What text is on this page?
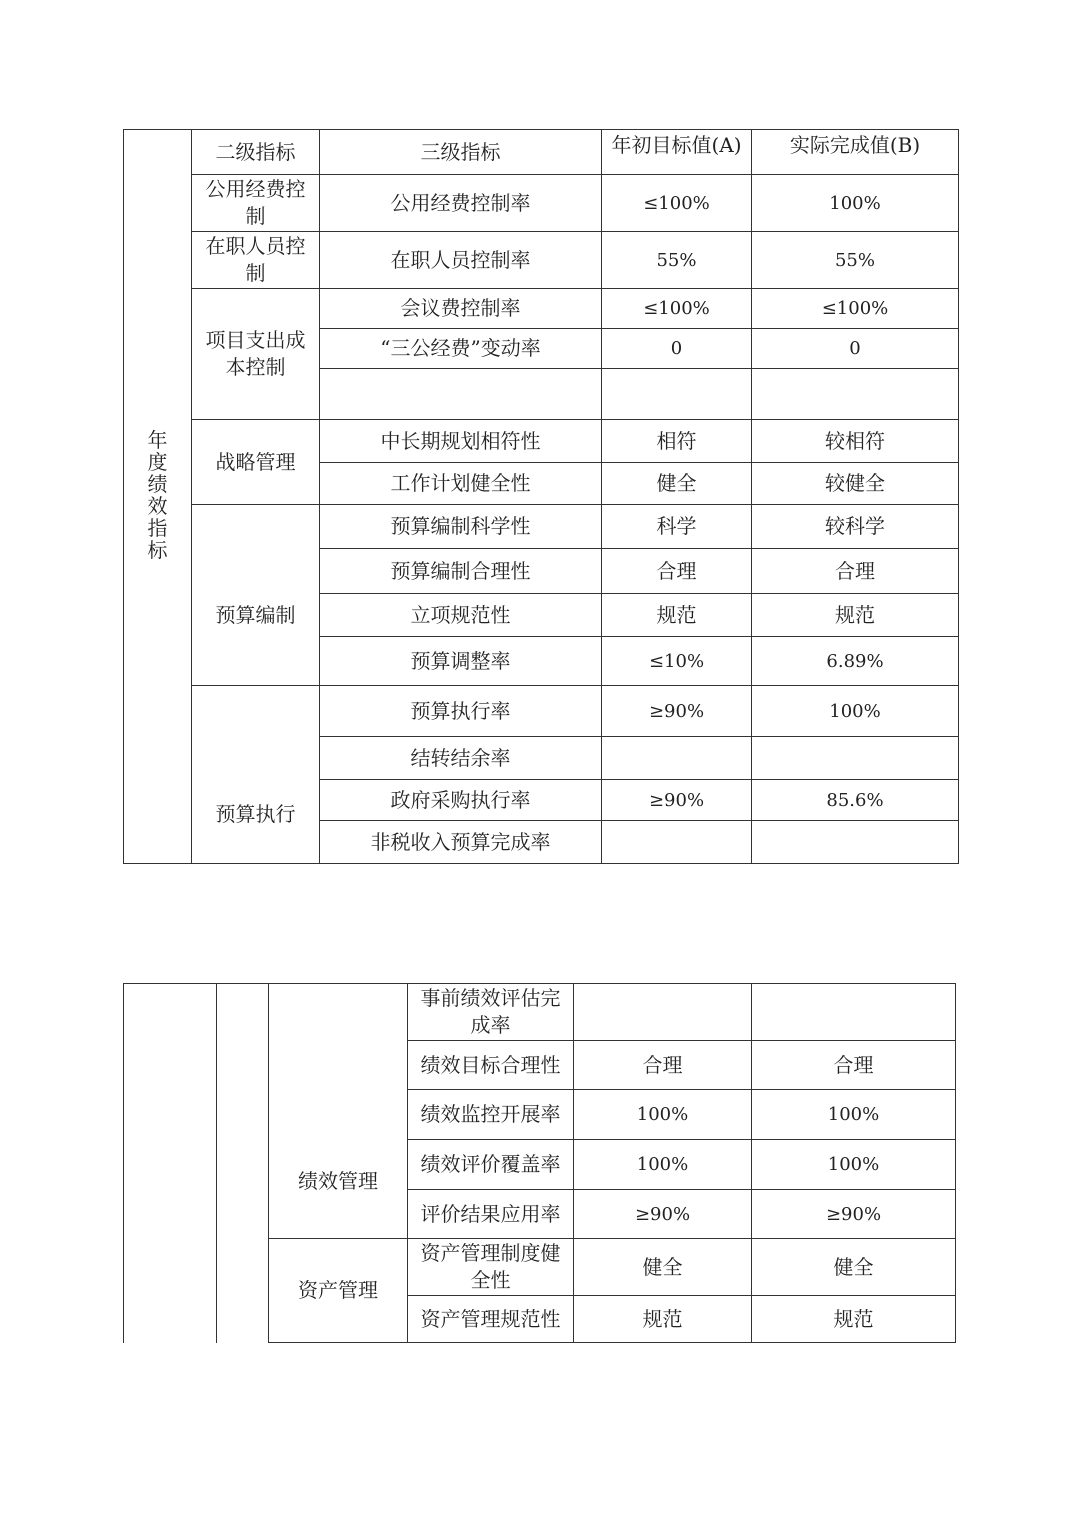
年度绩效指标	二级指标	三级指标	年初目标值(A)	实际完成值(B)
	公用经费控制	公用经费控制率	≤100%	100%
	在职人员控制	在职人员控制率	55%	55%
	项目支出成本控制	会议费控制率	≤100%	≤100%
		“三公经费”变动率	0	0

	战略管理	中长期规划相符性	相符	较相符
		工作计划健全性	健全	较健全
	预算编制	预算编制科学性	科学	较科学
		预算编制合理性	合理	合理
		立项规范性	规范	规范
		预算调整率	≤10%	6.89%
	预算执行	预算执行率	≥90%	100%
		结转结余率		
		政府采购执行率	≥90%	85.6%
		非税收入预算完成率		
		绩效管理	事前绩效评估完成率		
			绩效目标合理性	合理	合理
			绩效监控开展率	100%	100%
			绩效评价覆盖率	100%	100%
			评价结果应用率	≥90%	≥90%
		资产管理	资产管理制度健全性	健全	健全
			资产管理规范性	规范	规范
